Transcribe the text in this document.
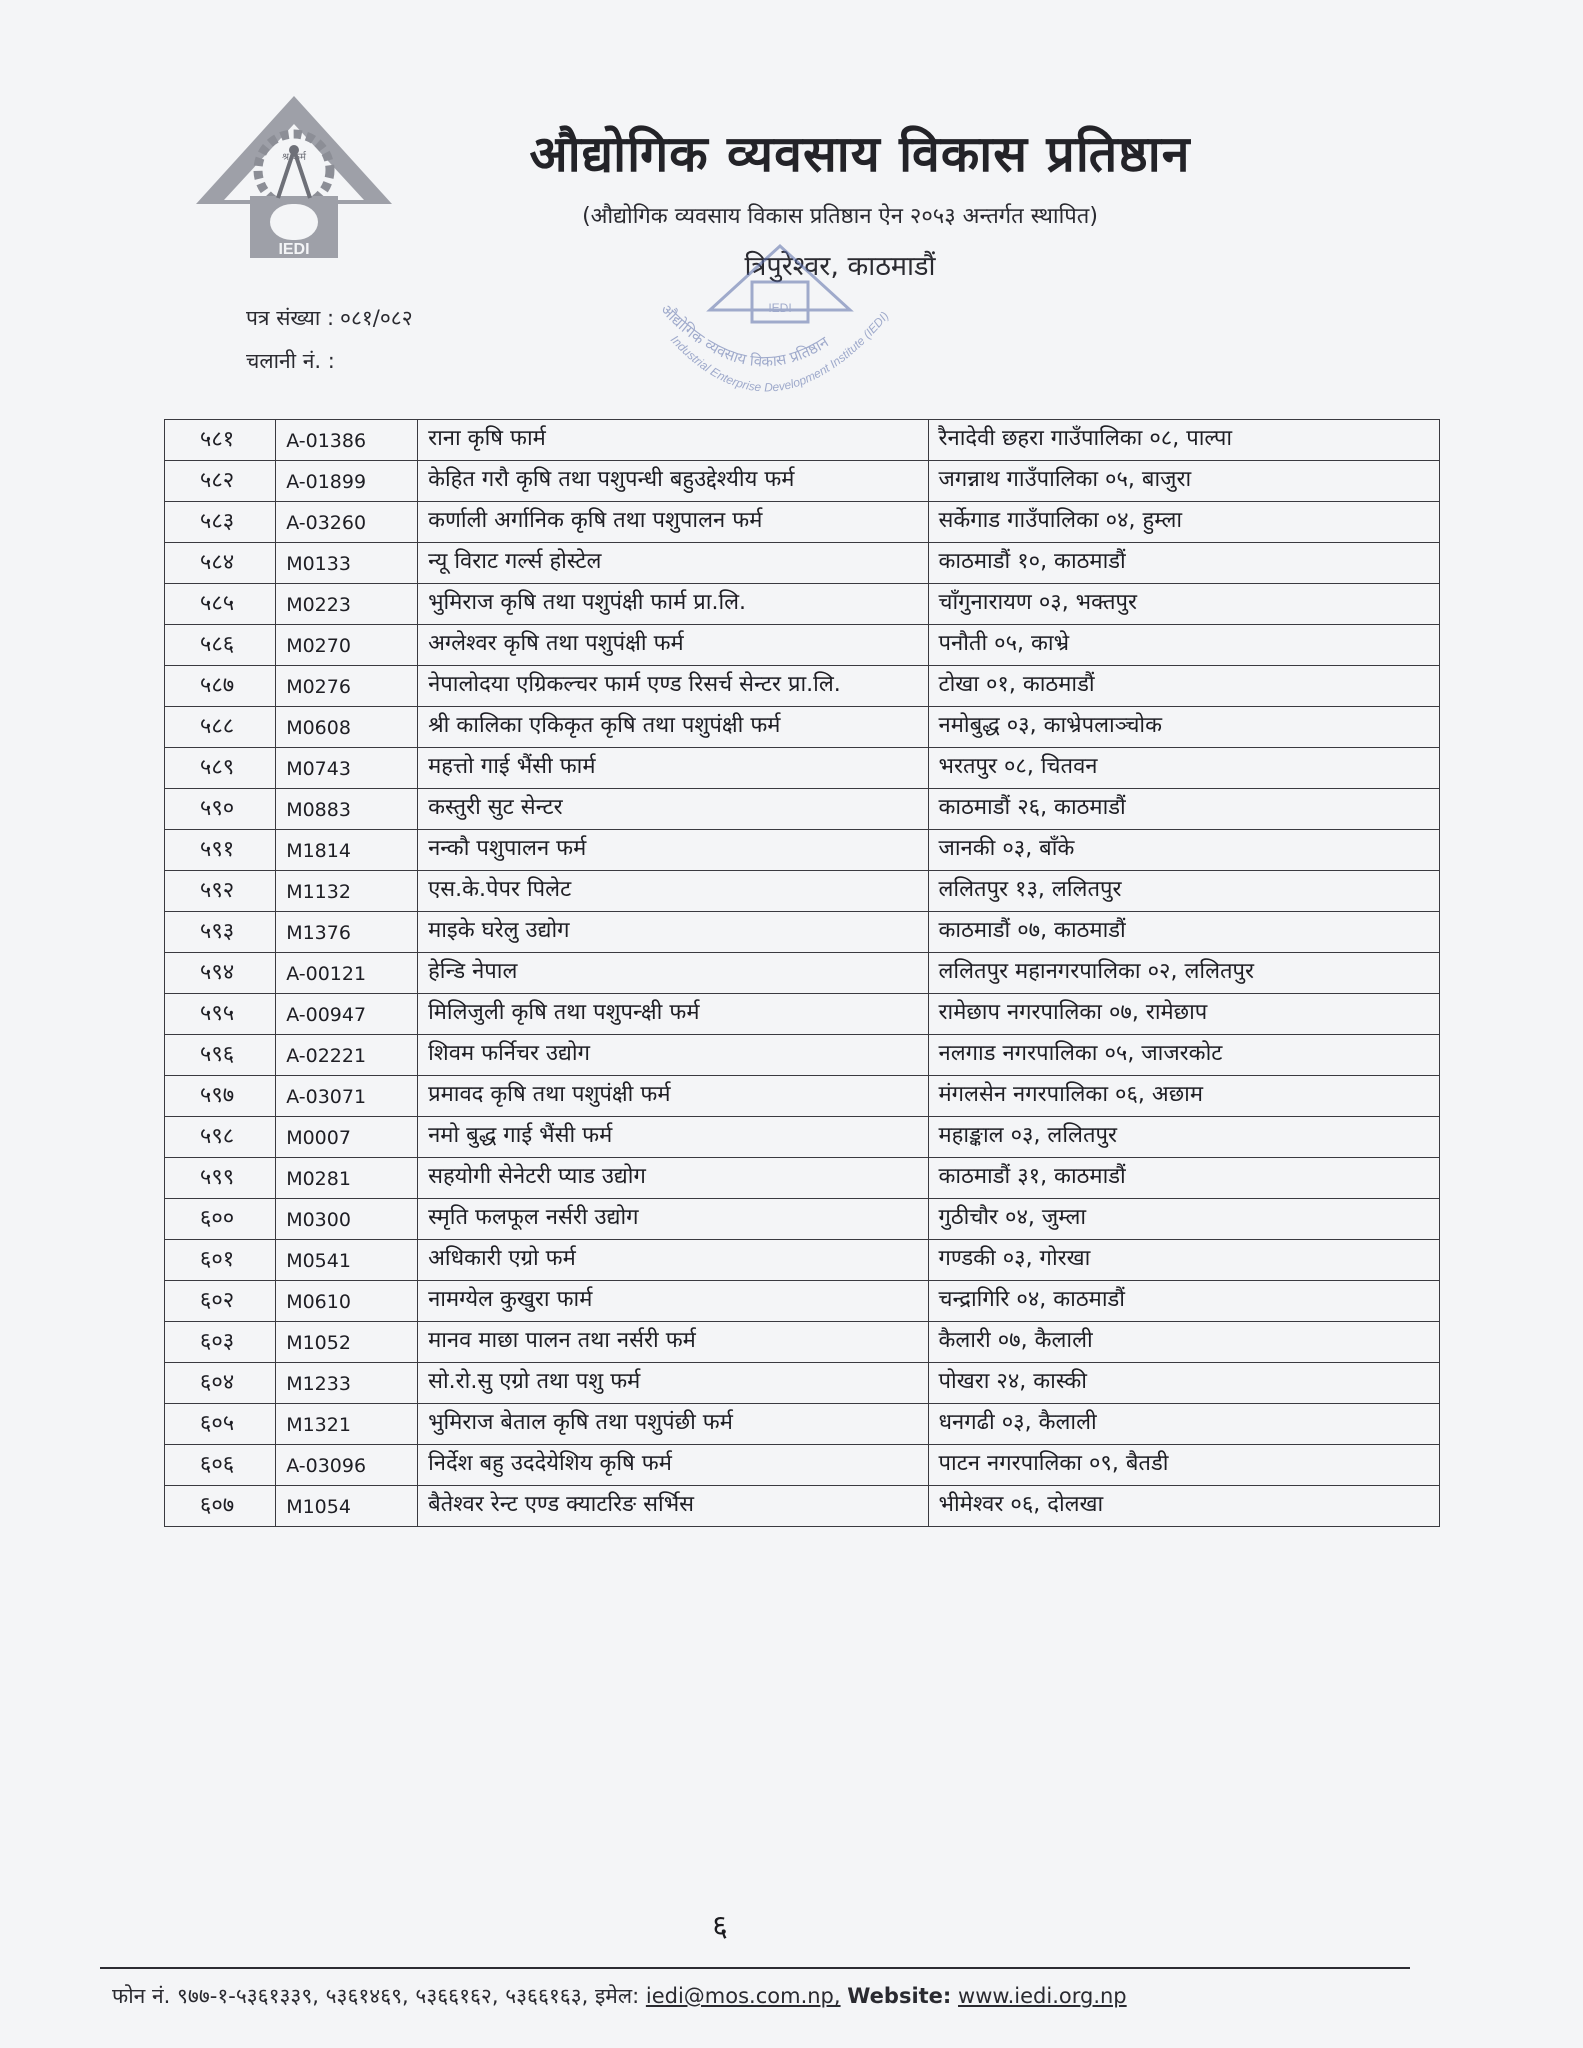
IEDI
श्र कर्म	औद्योगिक व्यवसाय विकास प्रतिष्ठान
(औद्योगिक व्यवसाय विकास प्रतिष्ठान ऐन २०५३ अन्तर्गत स्थापित)
त्रिपुरेश्वर, काठमाडौं
IEDI
औद्योगिक व्यवसाय विकास प्रतिष्ठान
Industrial Enterprise Development Institute (IEDI)
पत्र संख्या : ०८१/०८२
चलानी नं. :
५८१	A-01386	राना कृषि फार्म	रैनादेवी छहरा गाउँपालिका ०८, पाल्पा
५८२	A-01899	केहित गरौ कृषि तथा पशुपन्धी बहुउद्देश्यीय फर्म	जगन्नाथ गाउँपालिका ०५, बाजुरा
५८३	A-03260	कर्णाली अर्गानिक कृषि तथा पशुपालन फर्म	सर्केगाड गाउँपालिका ०४, हुम्ला
५८४	M0133	न्यू विराट गर्ल्स होस्टेल	काठमाडौं १०, काठमाडौं
५८५	M0223	भुमिराज कृषि तथा पशुपंक्षी फार्म प्रा.लि.	चाँगुनारायण ०३, भक्तपुर
५८६	M0270	अग्लेश्वर कृषि तथा पशुपंक्षी फर्म	पनौती ०५, काभ्रे
५८७	M0276	नेपालोदया एग्रिकल्चर फार्म एण्ड रिसर्च सेन्टर प्रा.लि.	टोखा ०१, काठमाडौं
५८८	M0608	श्री कालिका एकिकृत कृषि तथा पशुपंक्षी फर्म	नमोबुद्ध ०३, काभ्रेपलाञ्चोक
५८९	M0743	महत्तो गाई भैंसी फार्म	भरतपुर ०८, चितवन
५९०	M0883	कस्तुरी सुट सेन्टर	काठमाडौं २६, काठमाडौं
५९१	M1814	नन्कौ पशुपालन फर्म	जानकी ०३, बाँके
५९२	M1132	एस.के.पेपर पिलेट	ललितपुर १३, ललितपुर
५९३	M1376	माइके घरेलु उद्योग	काठमाडौं ०७, काठमाडौं
५९४	A-00121	हेन्डि नेपाल	ललितपुर महानगरपालिका ०२, ललितपुर
५९५	A-00947	मिलिजुली कृषि तथा पशुपन्क्षी फर्म	रामेछाप नगरपालिका ०७, रामेछाप
५९६	A-02221	शिवम फर्निचर उद्योग	नलगाड नगरपालिका ०५, जाजरकोट
५९७	A-03071	प्रमावद कृषि तथा पशुपंक्षी फर्म	मंगलसेन नगरपालिका ०६, अछाम
५९८	M0007	नमो बुद्ध गाई भैंसी फर्म	महाङ्काल ०३, ललितपुर
५९९	M0281	सहयोगी सेनेटरी प्याड उद्योग	काठमाडौं ३१, काठमाडौं
६००	M0300	स्मृति फलफूल नर्सरी उद्योग	गुठीचौर ०४, जुम्ला
६०१	M0541	अधिकारी एग्रो फर्म	गण्डकी ०३, गोरखा
६०२	M0610	नामग्येल कुखुरा फार्म	चन्द्रागिरि ०४, काठमाडौं
६०३	M1052	मानव माछा पालन तथा नर्सरी फर्म	कैलारी ०७, कैलाली
६०४	M1233	सो.रो.सु एग्रो तथा पशु फर्म	पोखरा २४, कास्की
६०५	M1321	भुमिराज बेताल कृषि तथा पशुपंछी फर्म	धनगढी ०३, कैलाली
६०६	A-03096	निर्देश बहु उददेयेशिय कृषि फर्म	पाटन नगरपालिका ०९, बैतडी
६०७	M1054	बैतेश्वर रेन्ट एण्ड क्याटरिङ सर्भिस	भीमेश्वर ०६, दोलखा
६
फोन नं. ९७७-१-५३६१३३९, ५३६१४६९, ५३६६१६२, ५३६६१६३, इमेल: iedi@mos.com.np, Website: www.iedi.org.np
